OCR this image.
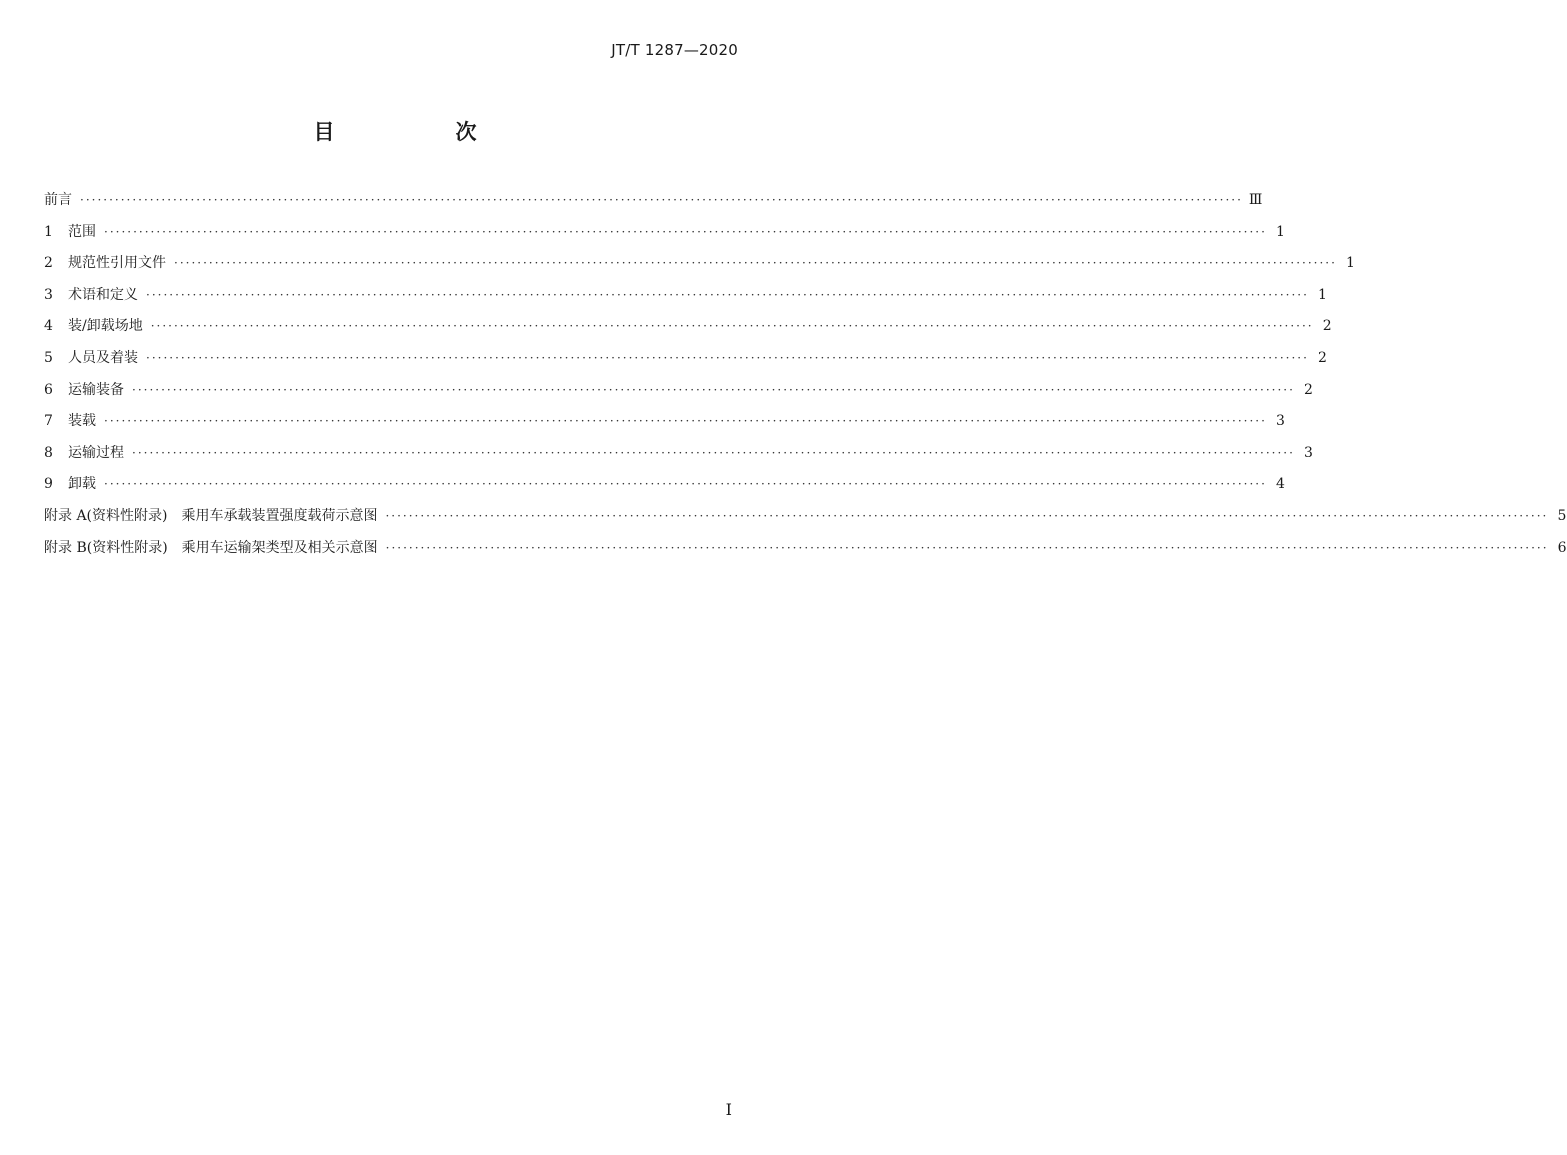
JT/T 1287—2020
目　次
前言 ········································································································································································································ Ⅲ
1	范围 ········································································································································································································ 1
2	规范性引用文件 ········································································································································································································ 1
3	术语和定义 ········································································································································································································ 1
4	装/卸载场地 ········································································································································································································ 2
5	人员及着装 ········································································································································································································ 2
6	运输装备 ········································································································································································································ 2
7	装载 ········································································································································································································ 3
8	运输过程 ········································································································································································································ 3
9	卸载 ········································································································································································································ 4
附录 A(资料性附录)　乘用车承载装置强度载荷示意图 ········································································································································································································ 5
附录 B(资料性附录)　乘用车运输架类型及相关示意图 ········································································································································································································ 6
I
